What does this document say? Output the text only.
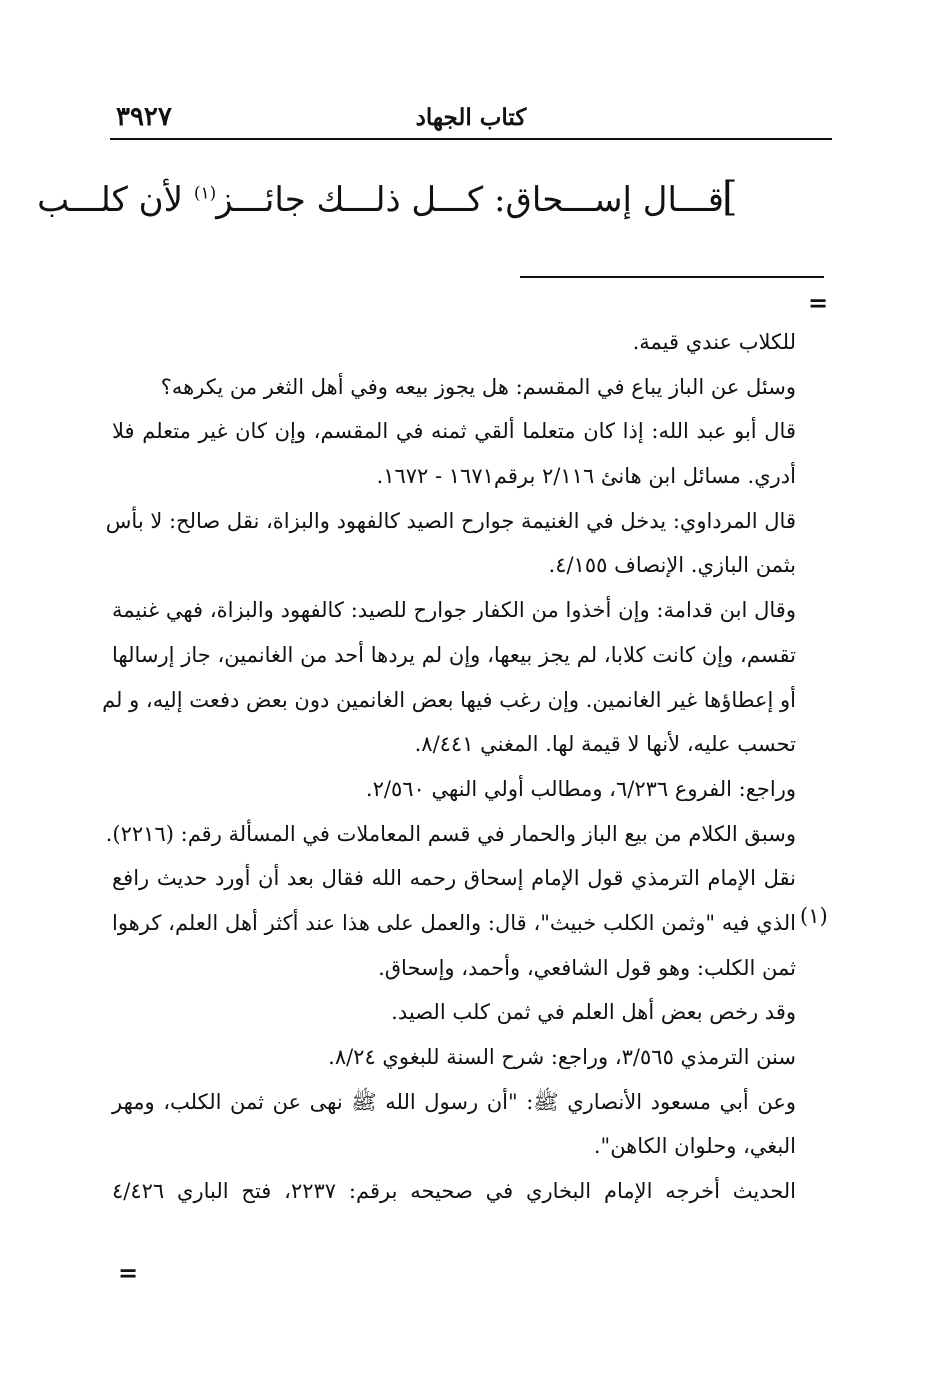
٣٩٢٧	كتاب الجهاد
[
قـــال إســـحاق: كـــل ذلـــك جائـــز$^{(١)}$ لأن كلـــب
=
للكلاب عندي قيمة.
وسئل عن الباز يباع في المقسم: هل يجوز بيعه وفي أهل الثغر من يكرهه؟
قال أبو عبد الله: إذا كان متعلما ألقي ثمنه في المقسم، وإن كان غير متعلم فلا
أدري. مسائل ابن هانئ ٢/١١٦ برقم١٦٧١ - ١٦٧٢.
قال المرداوي: يدخل في الغنيمة جوارح الصيد كالفهود والبزاة، نقل صالح: لا بأس
بثمن البازي. الإنصاف ٤/١٥٥.
وقال ابن قدامة: وإن أخذوا من الكفار جوارح للصيد: كالفهود والبزاة، فهي غنيمة
تقسم، وإن كانت كلابا، لم يجز بيعها، وإن لم يردها أحد من الغانمين، جاز إرسالها
أو إعطاؤها غير الغانمين. وإن رغب فيها بعض الغانمين دون بعض دفعت إليه، و لم
تحسب عليه، لأنها لا قيمة لها. المغني ٨/٤٤١.
وراجع: الفروع ٦/٢٣٦، ومطالب أولي النهي ٢/٥٦٠.
وسبق الكلام من بيع الباز والحمار في قسم المعاملات في المسألة رقم: (٢٢١٦).
نقل الإمام الترمذي قول الإمام إسحاق رحمه الله فقال بعد أن أورد حديث رافع
الذي فيه "وثمن الكلب خبيث"، قال: والعمل على هذا عند أكثر أهل العلم، كرهوا
ثمن الكلب: وهو قول الشافعي، وأحمد، وإسحاق.
وقد رخص بعض أهل العلم في ثمن كلب الصيد.
سنن الترمذي ٣/٥٦٥، وراجع: شرح السنة للبغوي ٨/٢٤.
وعن أبي مسعود الأنصاري ﷺ: "أن رسول الله ﷺ نهى عن ثمن الكلب، ومهر
البغي، وحلوان الكاهن".
الحديث أخرجه الإمام البخاري في صحيحه برقم: ٢٢٣٧، فتح الباري ٤/٤٢٦
(١)
=
